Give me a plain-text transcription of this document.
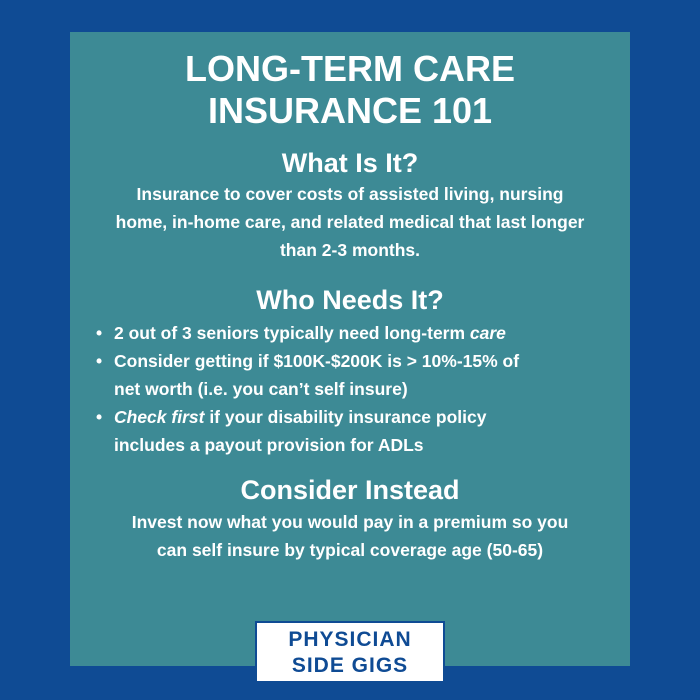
LONG-TERM CARE
INSURANCE 101
What Is It?

Insurance to cover costs of assisted living, nursing
home, in-home care, and related medical that last longer
than 2-3 months.

Who Needs It?
• 2 out of 3 seniors typically need long-term care
• Consider getting if $100K-$200K is > 10%-15% of
net worth (i.e. you can’t self insure)
• Check first if your disability insurance policy
includes a payout provision for ADLs
Consider Instead

Invest now what you would pay in a premium so you
can self insure by typical coverage age (50-65)

PHYSICIAN
SIDE GIGS
